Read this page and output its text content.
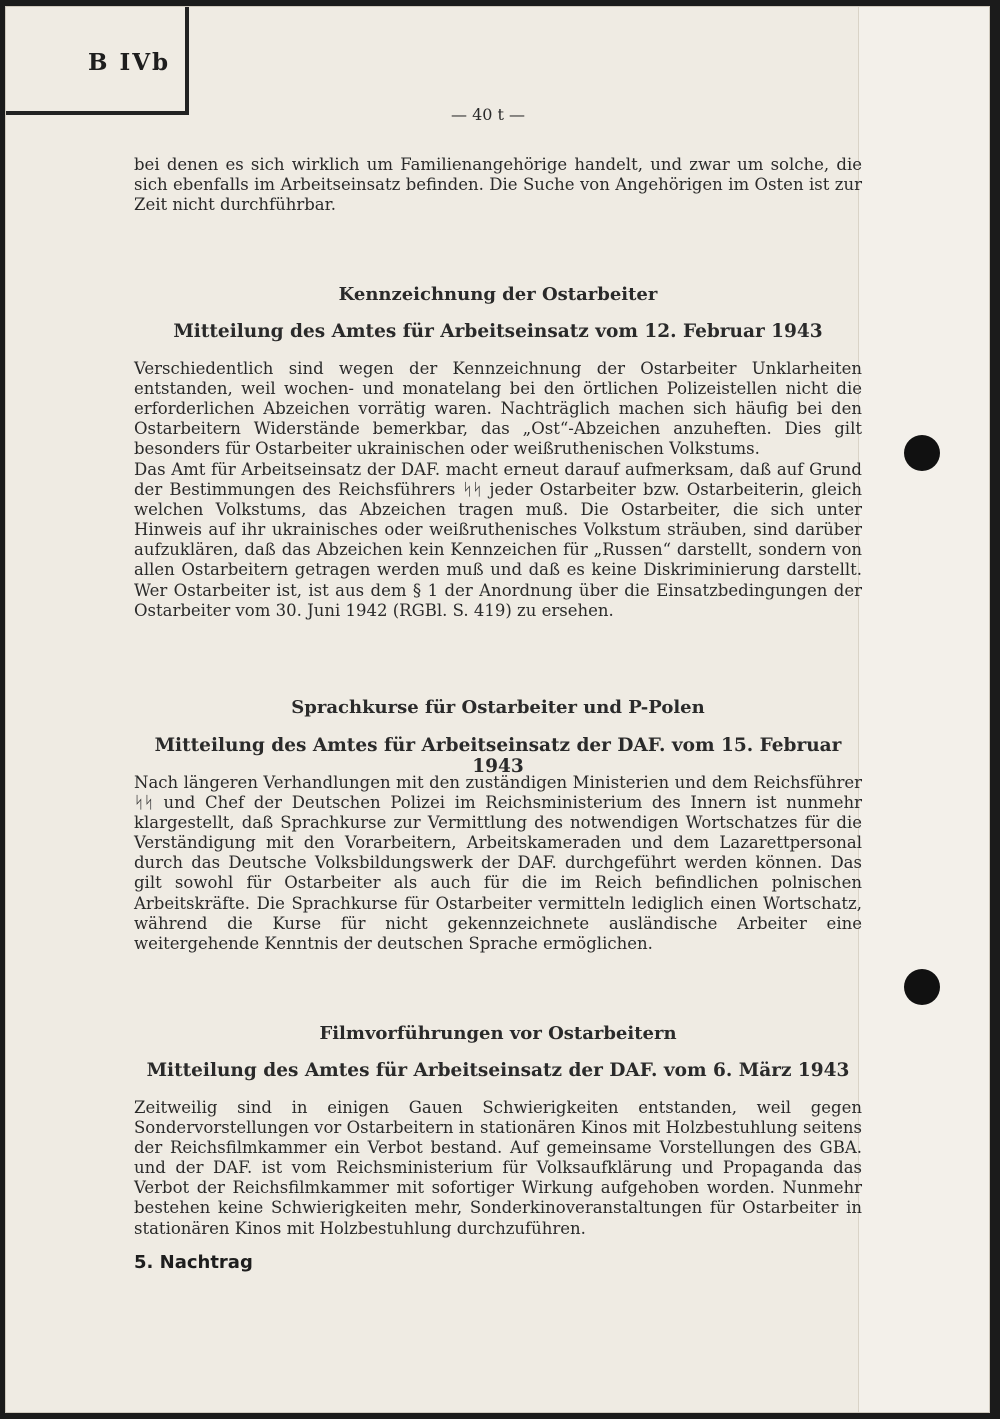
B IVb
— 40 t —

bei denen es sich wirklich um Familienangehörige handelt, und zwar um solche, die sich ebenfalls im Arbeitseinsatz befinden. Die Suche von Angehörigen im Osten ist zur Zeit nicht durchführbar.

Kennzeichnung der Ostarbeiter
Mitteilung des Amtes für Arbeitseinsatz vom 12. Februar 1943

Verschiedentlich sind wegen der Kennzeichnung der Ostarbeiter Unklarheiten entstanden, weil wochen- und monatelang bei den örtlichen Polizeistellen nicht die erforderlichen Abzeichen vorrätig waren. Nachträglich machen sich häufig bei den Ostarbeitern Widerstände bemerkbar, das „Ost“-Abzeichen anzuheften. Dies gilt besonders für Ostarbeiter ukrainischen oder weißruthenischen Volkstums.

Das Amt für Arbeitseinsatz der DAF. macht erneut darauf aufmerksam, daß auf Grund der Bestimmungen des Reichsführers ᛋᛋ jeder Ostarbeiter bzw. Ostarbeiterin, gleich welchen Volkstums, das Abzeichen tragen muß. Die Ostarbeiter, die sich unter Hinweis auf ihr ukrainisches oder weißruthenisches Volkstum sträuben, sind darüber aufzuklären, daß das Abzeichen kein Kennzeichen für „Russen“ darstellt, sondern von allen Ostarbeitern getragen werden muß und daß es keine Diskriminierung darstellt. Wer Ostarbeiter ist, ist aus dem § 1 der Anordnung über die Einsatzbedingungen der Ostarbeiter vom 30. Juni 1942 (RGBl. S. 419) zu ersehen.

Sprachkurse für Ostarbeiter und P-Polen
Mitteilung des Amtes für Arbeitseinsatz der DAF. vom 15. Februar 1943

Nach längeren Verhandlungen mit den zuständigen Ministerien und dem Reichsführer ᛋᛋ und Chef der Deutschen Polizei im Reichsministerium des Innern ist nunmehr klargestellt, daß Sprachkurse zur Vermittlung des notwendigen Wortschatzes für die Verständigung mit den Vorarbeitern, Arbeitskameraden und dem Lazarettpersonal durch das Deutsche Volksbildungswerk der DAF. durchgeführt werden können. Das gilt sowohl für Ostarbeiter als auch für die im Reich befindlichen polnischen Arbeitskräfte. Die Sprachkurse für Ostarbeiter vermitteln lediglich einen Wortschatz, während die Kurse für nicht gekennzeichnete ausländische Arbeiter eine weitergehende Kenntnis der deutschen Sprache ermöglichen.

Filmvorführungen vor Ostarbeitern
Mitteilung des Amtes für Arbeitseinsatz der DAF. vom 6. März 1943

Zeitweilig sind in einigen Gauen Schwierigkeiten entstanden, weil gegen Sondervorstellungen vor Ostarbeitern in stationären Kinos mit Holzbestuhlung seitens der Reichsfilmkammer ein Verbot bestand. Auf gemeinsame Vorstellungen des GBA. und der DAF. ist vom Reichsministerium für Volksaufklärung und Propaganda das Verbot der Reichsfilmkammer mit sofortiger Wirkung aufgehoben worden. Nunmehr bestehen keine Schwierigkeiten mehr, Sonderkinoveranstaltungen für Ostarbeiter in stationären Kinos mit Holzbestuhlung durchzuführen.

5. Nachtrag
